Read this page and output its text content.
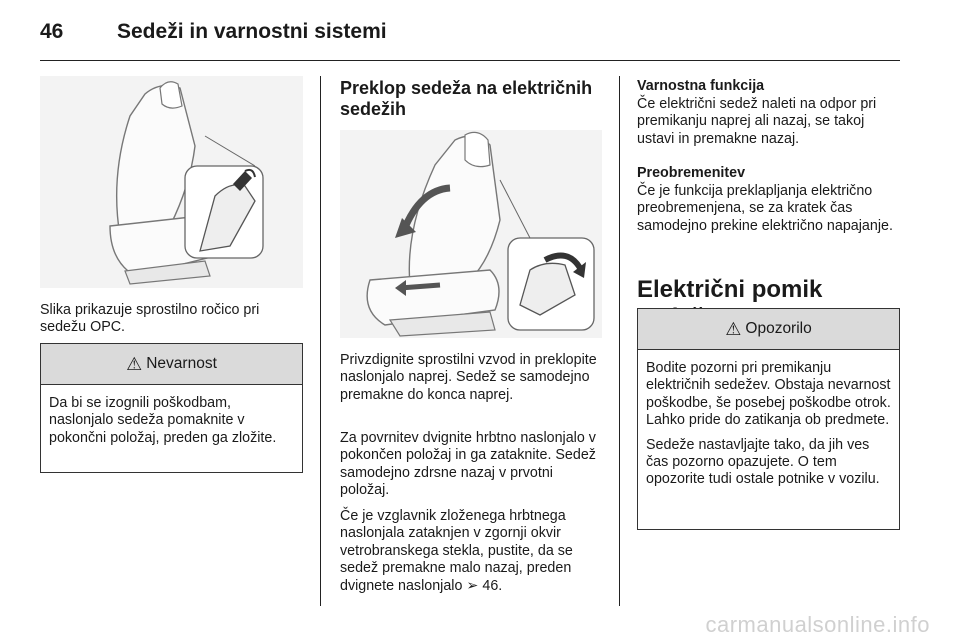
46	Sedeži in varnostni sistemi

Slika prikazuje sprostilno ročico pri sedežu OPC.

⚠ Nevarnost

Da bi se izognili poškodbam, naslonjalo sedeža pomaknite v pokončni položaj, preden ga zložite.

Preklop sedeža na električnih sedežih

Privzdignite sprostilni vzvod in preklopite naslonjalo naprej. Sedež se samodejno premakne do konca naprej.

Za povrnitev dvignite hrbtno naslonjalo v pokončen položaj in ga zataknite. Sedež samodejno zdrsne nazaj v prvotni položaj.

Če je vzglavnik zloženega hrbtnega naslonjala zataknjen v zgornji okvir vetrobranskega stekla, pustite, da se sedež premakne malo nazaj, preden dvignete naslonjalo ➢ 46.

Varnostna funkcija

Če električni sedež naleti na odpor pri premikanju naprej ali nazaj, se takoj ustavi in premakne nazaj.

Preobremenitev

Če je funkcija preklapljanja električno preobremenjena, se za kratek čas samodejno prekine električno napajanje.

Električni pomik

⚠ Opozorilo

Bodite pozorni pri premikanju električnih sedežev. Obstaja nevarnost poškodbe, še posebej poškodbe otrok. Lahko pride do zatikanja ob predmete.

Sedeže nastavljajte tako, da jih ves čas pozorno opazujete. O tem opozorite tudi ostale potnike v vozilu.

carmanualsonline.info
